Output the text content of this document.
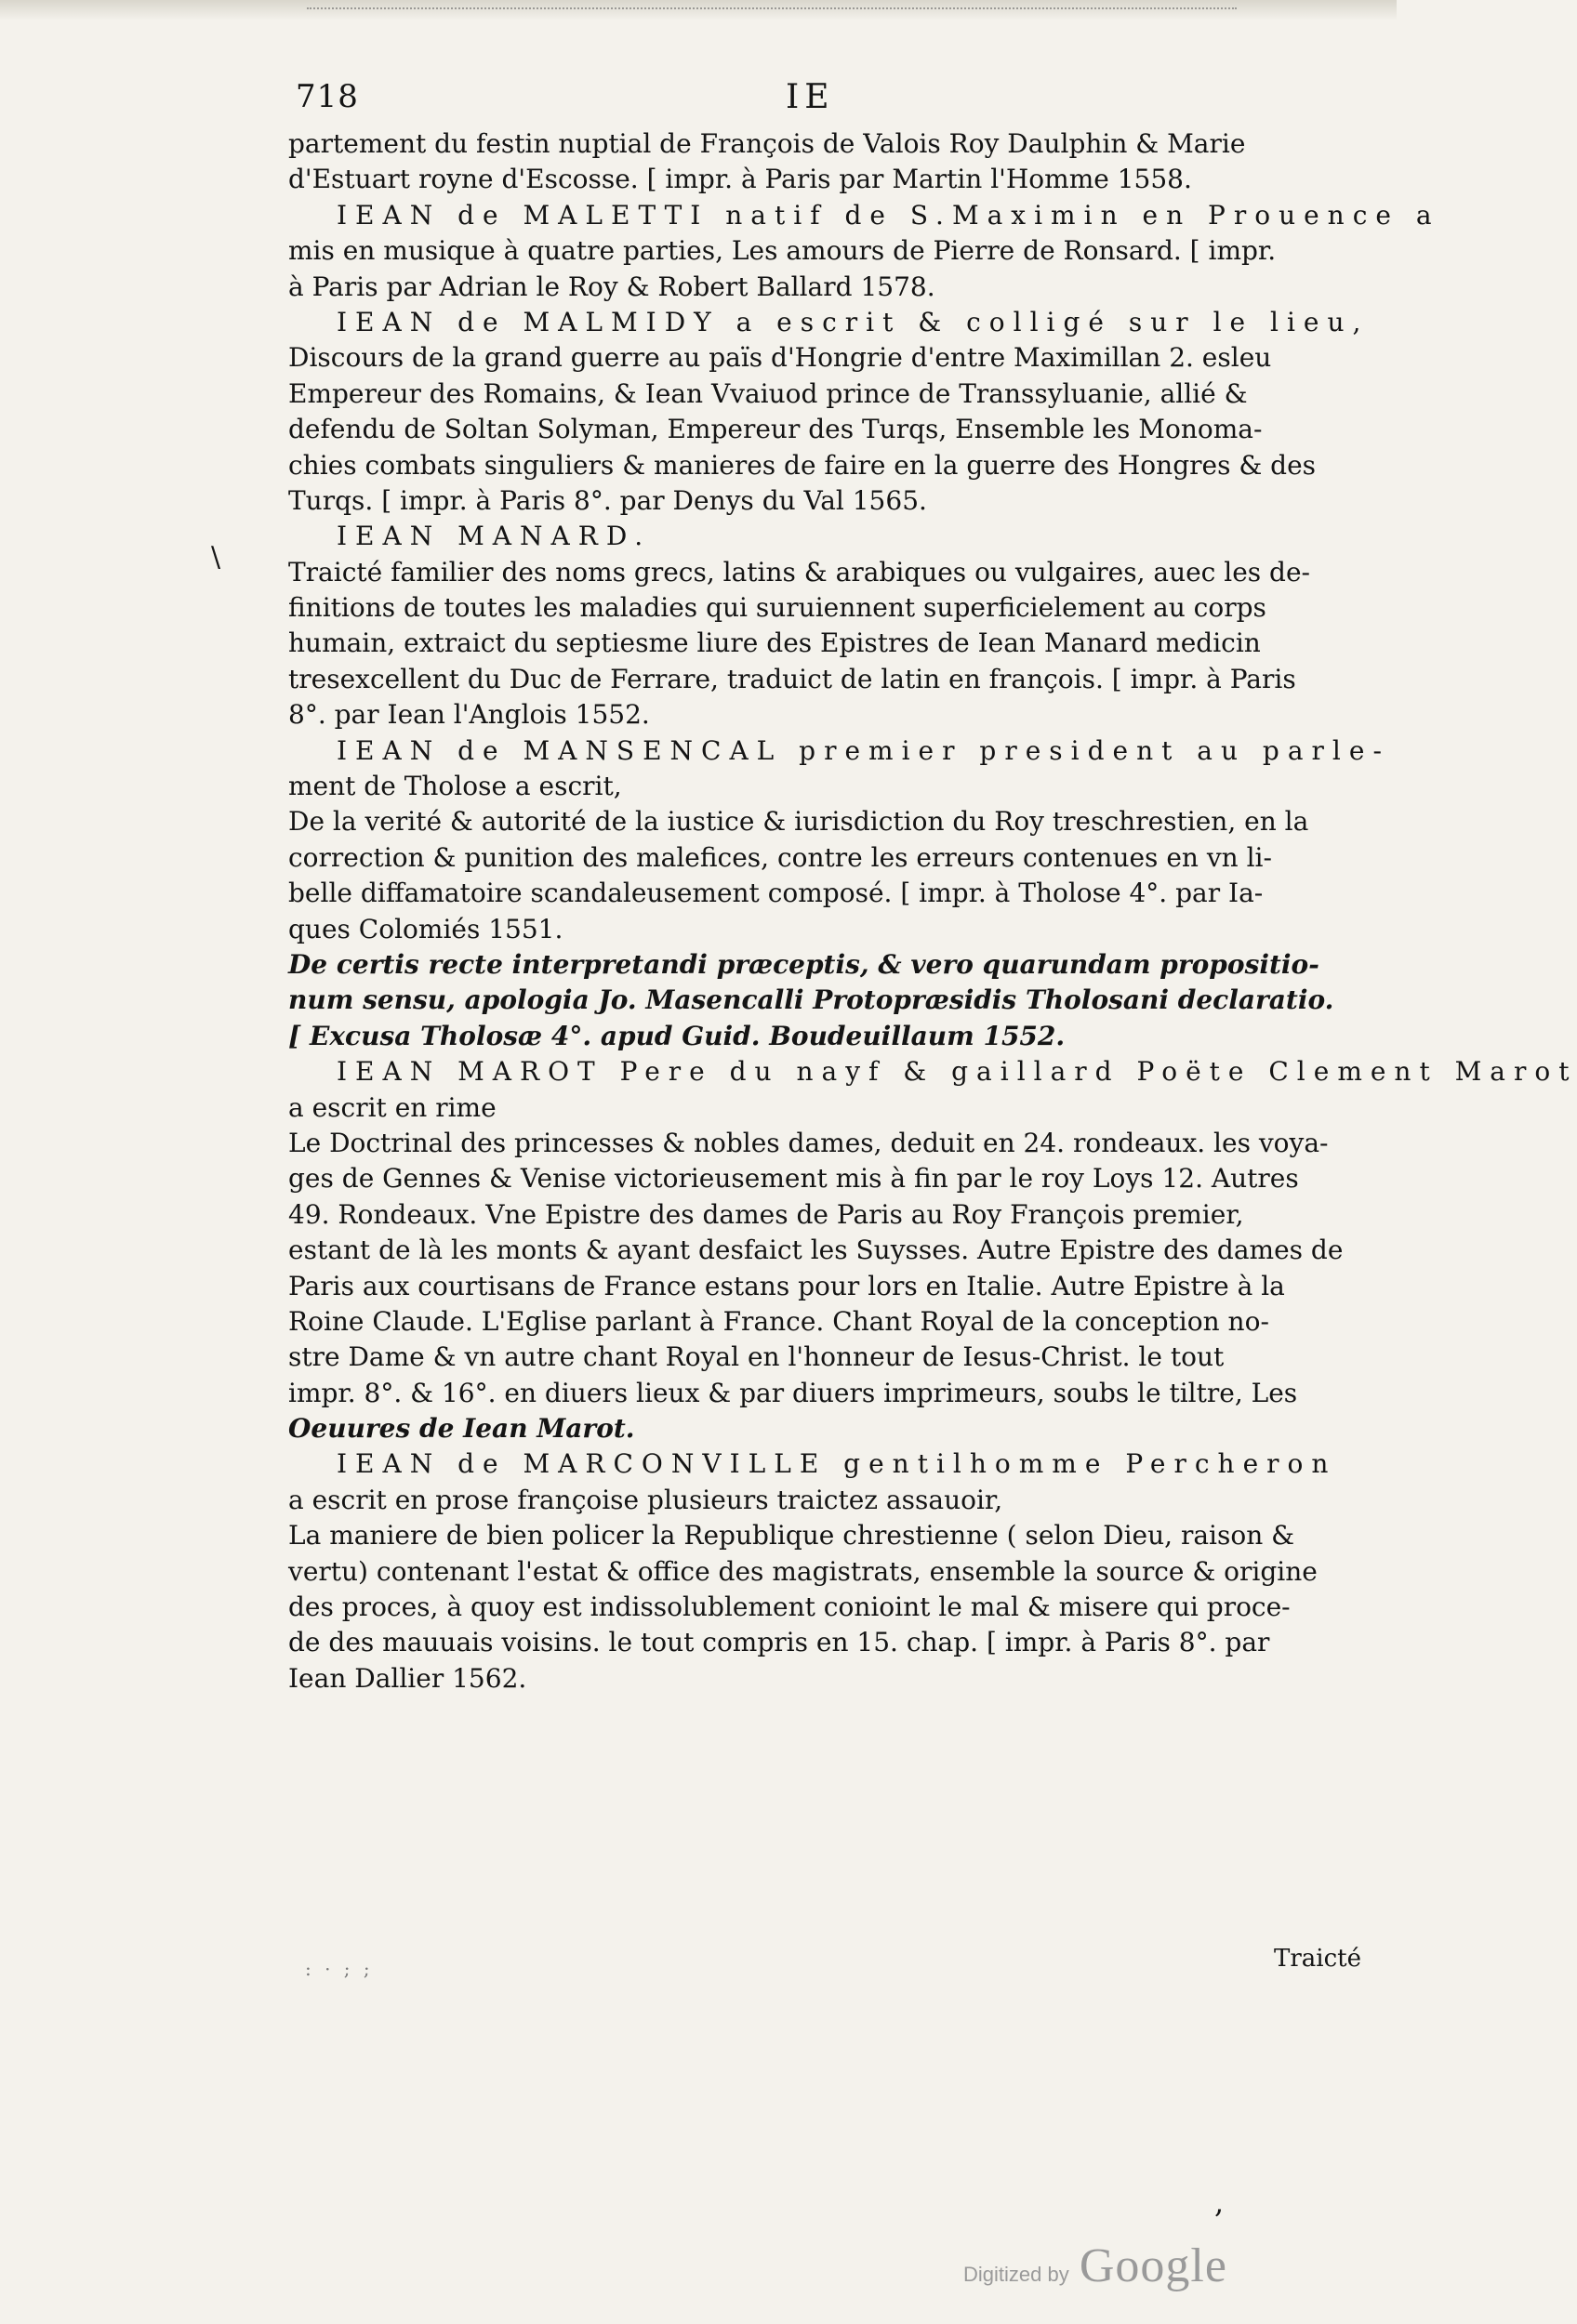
718	IE
\
partement du festin nuptial de François de Valois Roy Daulphin & Marie
d'Estuart royne d'Escosse. [ impr. à Paris par Martin l'Homme 1558.
IEAN de MALETTI natif de S.Maximin en Prouence a
mis en musique à quatre parties, Les amours de Pierre de Ronsard. [ impr.
à Paris par Adrian le Roy & Robert Ballard 1578.
IEAN de MALMIDY a escrit & colligé sur le lieu,
Discours de la grand guerre au païs d'Hongrie d'entre Maximillan 2. esleu
Empereur des Romains, & Iean Vvaiuod prince de Transsyluanie, allié &
defendu de Soltan Solyman, Empereur des Turqs, Ensemble les Monoma-
chies combats singuliers & manieres de faire en la guerre des Hongres & des
Turqs. [ impr. à Paris 8°. par Denys du Val 1565.
IEAN MANARD.
Traicté familier des noms grecs, latins & arabiques ou vulgaires, auec les de-
finitions de toutes les maladies qui suruiennent superficielement au corps
humain, extraict du septiesme liure des Epistres de Iean Manard medicin
tresexcellent du Duc de Ferrare, traduict de latin en françois. [ impr. à Paris
8°. par Iean l'Anglois 1552.
IEAN de MANSENCAL premier president au parle-
ment de Tholose a escrit,
De la verité & autorité de la iustice & iurisdiction du Roy treschrestien, en la
correction & punition des malefices, contre les erreurs contenues en vn li-
belle diffamatoire scandaleusement composé. [ impr. à Tholose 4°. par Ia-
ques Colomiés 1551.
De certis recte interpretandi præceptis, & vero quarundam propositio-
num sensu, apologia Jo. Masencalli Protopræsidis Tholosani declaratio.
[ Excusa Tholosæ 4°. apud Guid. Boudeuillaum 1552.
IEAN MAROT Pere du nayf & gaillard Poëte Clement Marot
a escrit en rime
Le Doctrinal des princesses & nobles dames, deduit en 24. rondeaux. les voya-
ges de Gennes & Venise victorieusement mis à fin par le roy Loys 12. Autres
49. Rondeaux. Vne Epistre des dames de Paris au Roy François premier,
estant de là les monts & ayant desfaict les Suysses. Autre Epistre des dames de
Paris aux courtisans de France estans pour lors en Italie. Autre Epistre à la
Roine Claude. L'Eglise parlant à France. Chant Royal de la conception no-
stre Dame & vn autre chant Royal en l'honneur de Iesus-Christ. le tout
impr. 8°. & 16°. en diuers lieux & par diuers imprimeurs, soubs le tiltre, Les
Oeuures de Iean Marot.
IEAN de MARCONVILLE gentilhomme Percheron
a escrit en prose françoise plusieurs traictez assauoir,
La maniere de bien policer la Republique chrestienne ( selon Dieu, raison &
vertu) contenant l'estat & office des magistrats, ensemble la source & origine
des proces, à quoy est indissolublement conioint le mal & misere qui proce-
de des mauuais voisins. le tout compris en 15. chap. [ impr. à Paris 8°. par
Iean Dallier 1562.
: · ; ;	Traicté
,
Digitized by Google
